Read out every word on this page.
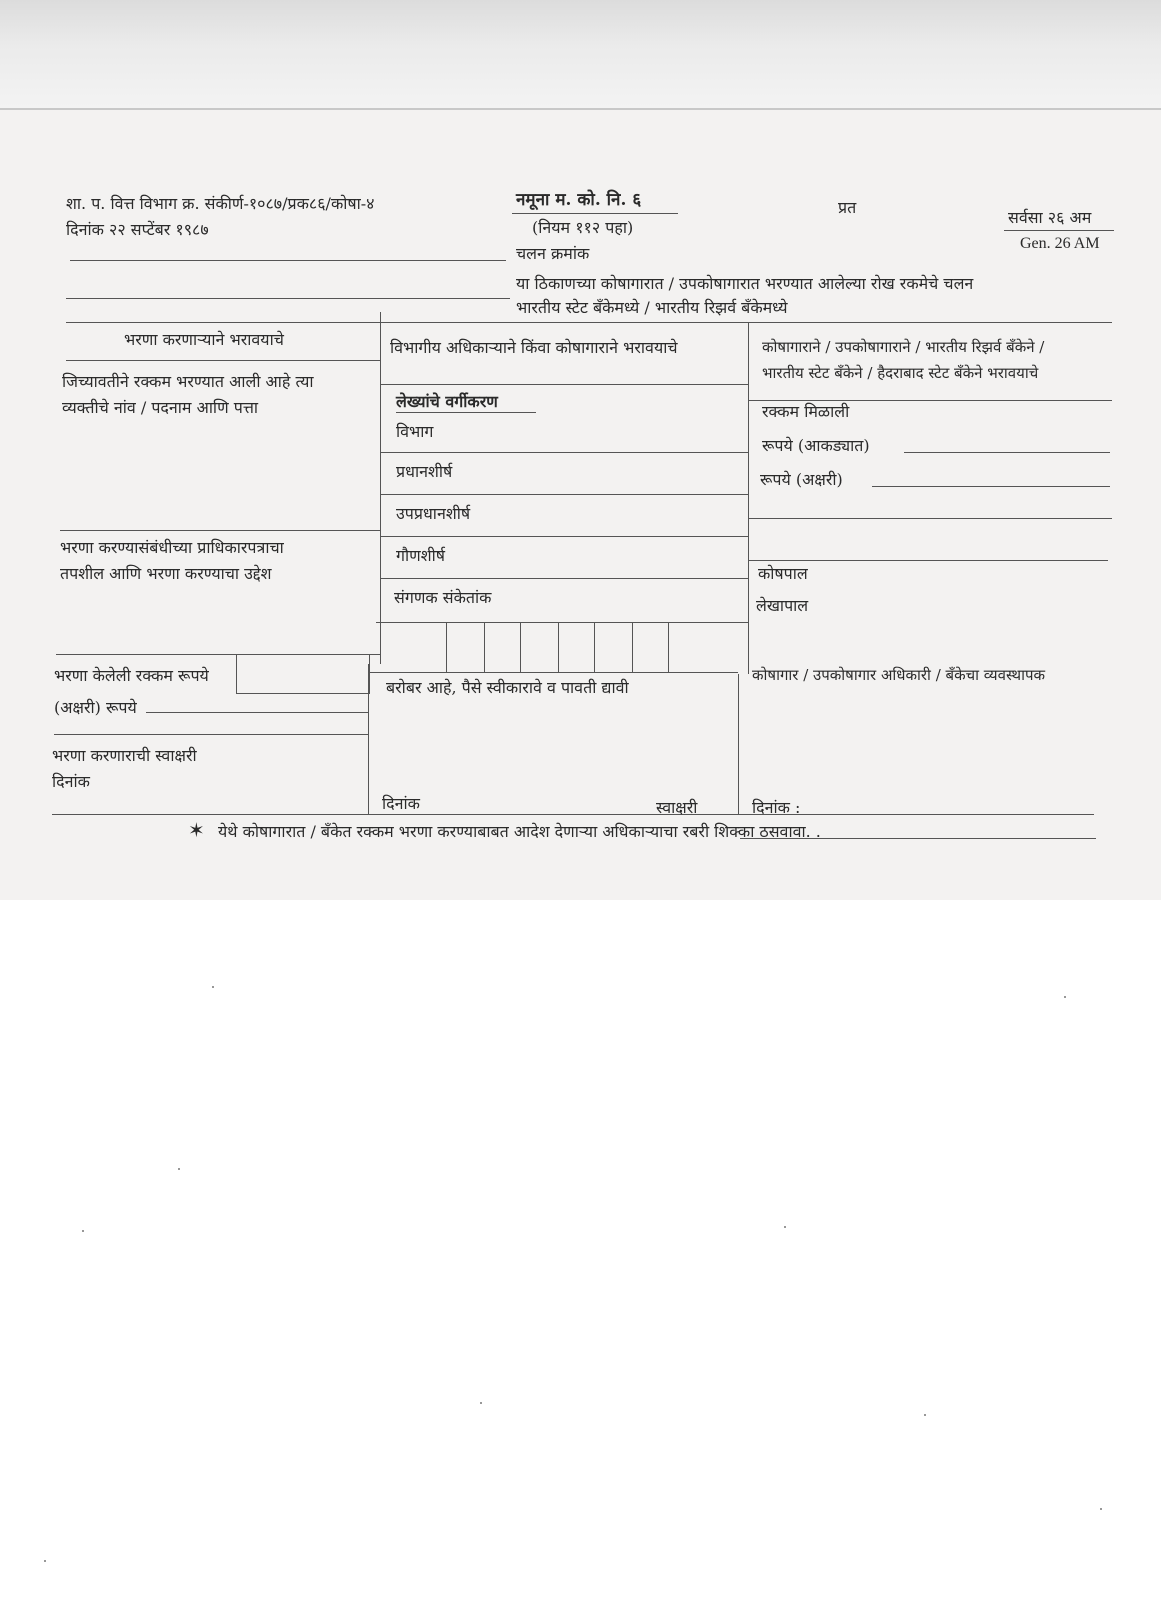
शा. प. वित्त विभाग क्र. संकीर्ण-१०८७/प्रक८६/कोषा-४
दिनांक २२ सप्टेंबर १९८७
नमूना म. को. नि. ६
(नियम ११२ पहा)
चलन क्रमांक
प्रत
सर्वसा २६ अम
Gen. 26 AM
या ठिकाणच्या कोषागारात / उपकोषागारात भरण्यात आलेल्या रोख रकमेचे चलन
भारतीय स्टेट बँकेमध्ये / भारतीय रिझर्व बँकेमध्ये
भरणा करणाऱ्याने भरावयाचे
जिच्यावतीने रक्कम भरण्यात आली आहे त्या
व्यक्तीचे नांव / पदनाम आणि पत्ता
भरणा करण्यासंबंधीच्या प्राधिकारपत्राचा
तपशील आणि भरणा करण्याचा उद्देश
भरणा केलेली रक्कम रूपये
(अक्षरी) रूपये
भरणा करणाराची स्वाक्षरी
दिनांक
विभागीय अधिकाऱ्याने किंवा कोषागाराने भरावयाचे
लेख्यांचे वर्गीकरण
विभाग
प्रधानशीर्ष
उपप्रधानशीर्ष
गौणशीर्ष
संगणक संकेतांक
बरोबर आहे, पैसे स्वीकारावे व पावती द्यावी
दिनांक	स्वाक्षरी
कोषागाराने / उपकोषागाराने / भारतीय रिझर्व बँकेने /
भारतीय स्टेट बँकेने / हैदराबाद स्टेट बँकेने भरावयाचे
रक्कम मिळाली
रूपये (आकड्यात)
रूपये (अक्षरी)
कोषपाल
लेखापाल
कोषागार / उपकोषागार अधिकारी / बँकेचा व्यवस्थापक
दिनांक :
✶ येथे कोषागारात / बँकेत रक्कम भरणा करण्याबाबत आदेश देणाऱ्या अधिकाऱ्याचा रबरी शिक्का ठसवावा. .
